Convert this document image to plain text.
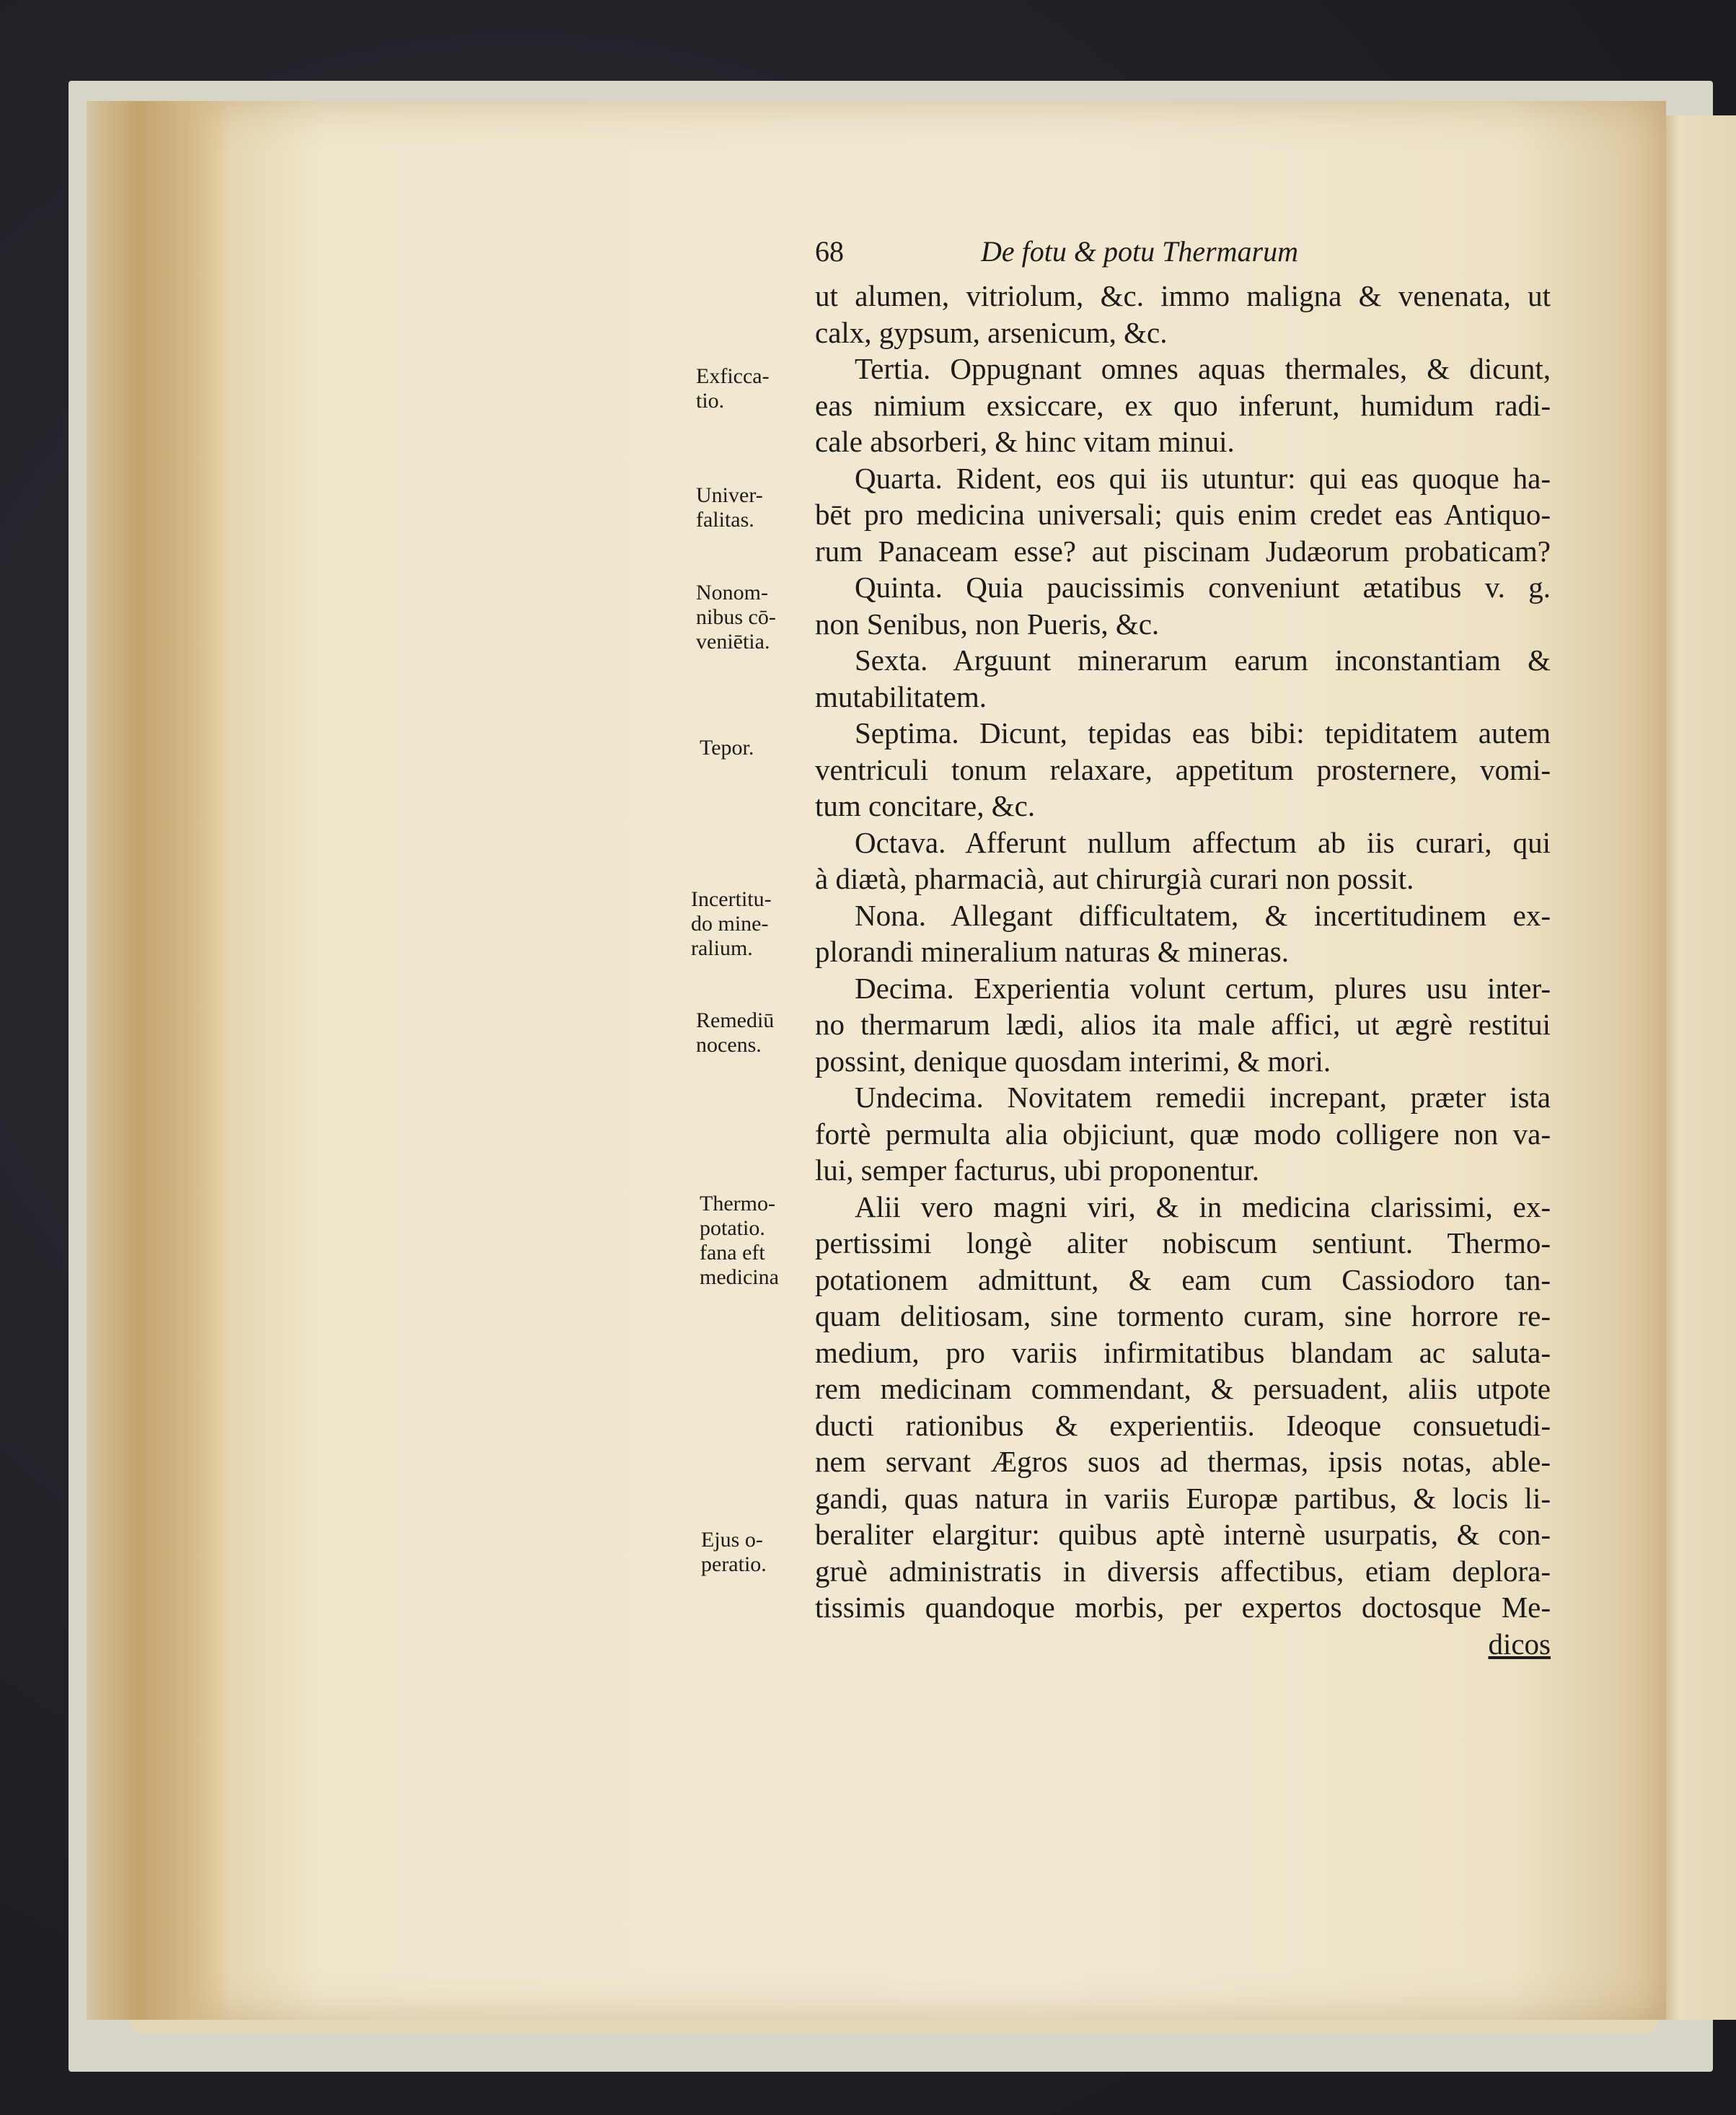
68	De fotu & potu Thermarum
ut alumen, vitriolum, &c. immo maligna & venenata, ut
calx, gypsum, arsenicum, &c.
Tertia. Oppugnant omnes aquas thermales, & dicunt,
eas nimium exsiccare, ex quo inferunt, humidum radi-
cale absorberi, & hinc vitam minui.
Quarta. Rident, eos qui iis utuntur: qui eas quoque ha-
bēt pro medicina universali; quis enim credet eas Antiquo-
rum Panaceam esse? aut piscinam Judæorum probaticam?
Quinta. Quia paucissimis conveniunt ætatibus v. g.
non Senibus, non Pueris, &c.
Sexta. Arguunt minerarum earum inconstantiam &
mutabilitatem.
Septima. Dicunt, tepidas eas bibi: tepiditatem autem
ventriculi tonum relaxare, appetitum prosternere, vomi-
tum concitare, &c.
Octava. Afferunt nullum affectum ab iis curari, qui
à diætà, pharmacià, aut chirurgià curari non possit.
Nona. Allegant difficultatem, & incertitudinem ex-
plorandi mineralium naturas & mineras.
Decima. Experientia volunt certum, plures usu inter-
no thermarum lædi, alios ita male affici, ut ægrè restitui
possint, denique quosdam interimi, & mori.
Undecima. Novitatem remedii increpant, præter ista
fortè permulta alia objiciunt, quæ modo colligere non va-
lui, semper facturus, ubi proponentur.
Alii vero magni viri, & in medicina clarissimi, ex-
pertissimi longè aliter nobiscum sentiunt. Thermo-
potationem admittunt, & eam cum Cassiodoro tan-
quam delitiosam, sine tormento curam, sine horrore re-
medium, pro variis infirmitatibus blandam ac saluta-
rem medicinam commendant, & persuadent, aliis utpote
ducti rationibus & experientiis. Ideoque consuetudi-
nem servant Ægros suos ad thermas, ipsis notas, able-
gandi, quas natura in variis Europæ partibus, & locis li-
beraliter elargitur: quibus aptè internè usurpatis, & con-
gruè administratis in diversis affectibus, etiam deplora-
tissimis quandoque morbis, per expertos doctosque Me-
dicos
Exficca-
tio.
Univer-
falitas.
Nonom-
nibus cō-
veniētia.
Tepor.
Incertitu-
do mine-
ralium.
Remediū
nocens.
Thermo-
potatio.
fana eft
medicina
Ejus o-
peratio.
